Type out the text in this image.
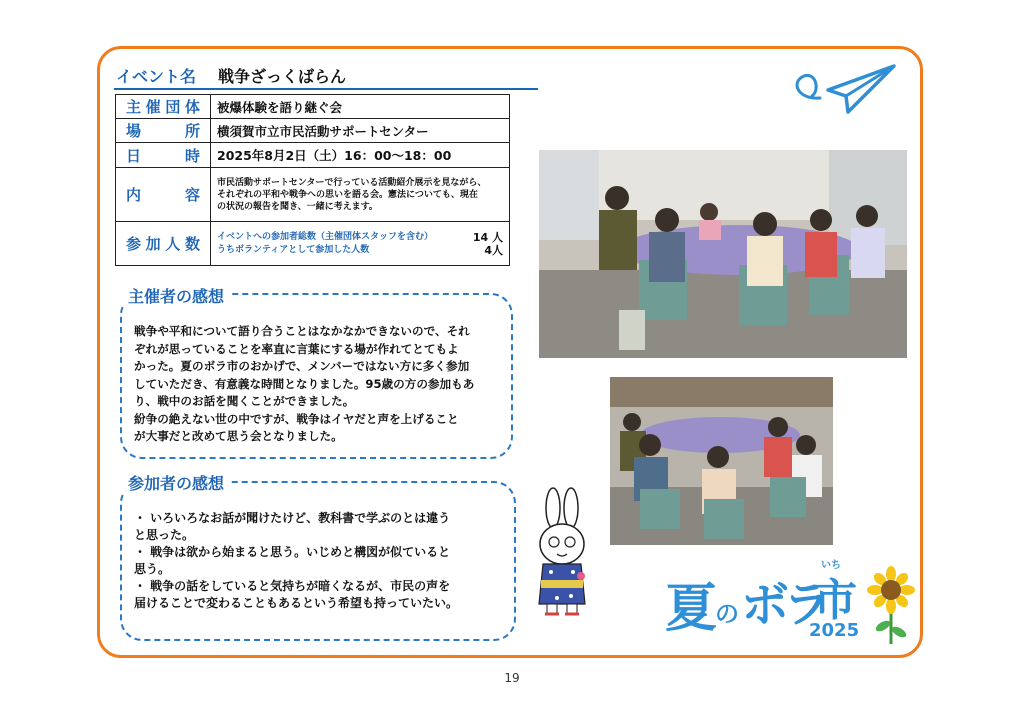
イベント名 戦争ざっくばらん
主催団体	被爆体験を語り継ぐ会
場所	横須賀市立市民活動サポートセンター
日時	2025年8月2日（土）16：00〜18：00
内容	市民活動サポートセンターで行っている活動紹介展示を見ながら、
それぞれの平和や戦争への思いを語る会。憲法についても、現在
の状況の報告を聞き、一緒に考えます。

参加人数	イベントへの参加者総数（主催団体スタッフを含む） 14 人
うちボランティアとして参加した人数 4人
主催者の感想
戦争や平和について語り合うことはなかなかできないので、それ
ぞれが思っていることを率直に言葉にする場が作れてとてもよ
かった。夏のボラ市のおかげで、メンバーではない方に多く参加
していただき、有意義な時間となりました。95歳の方の参加もあ
り、戦中のお話を聞くことができました。
紛争の絶えない世の中ですが、戦争はイヤだと声を上げること
が大事だと改めて思う会となりました。
参加者の感想
・ いろいろなお話が聞けたけど、教科書で学ぶのとは違う
と思った。
・ 戦争は欲から始まると思う。いじめと構図が似ていると
思う。
・ 戦争の話をしていると気持ちが暗くなるが、市民の声を
届けることで変わることもあるという希望も持っていたい。	夏
の ボラ
市
いち
2025
19
